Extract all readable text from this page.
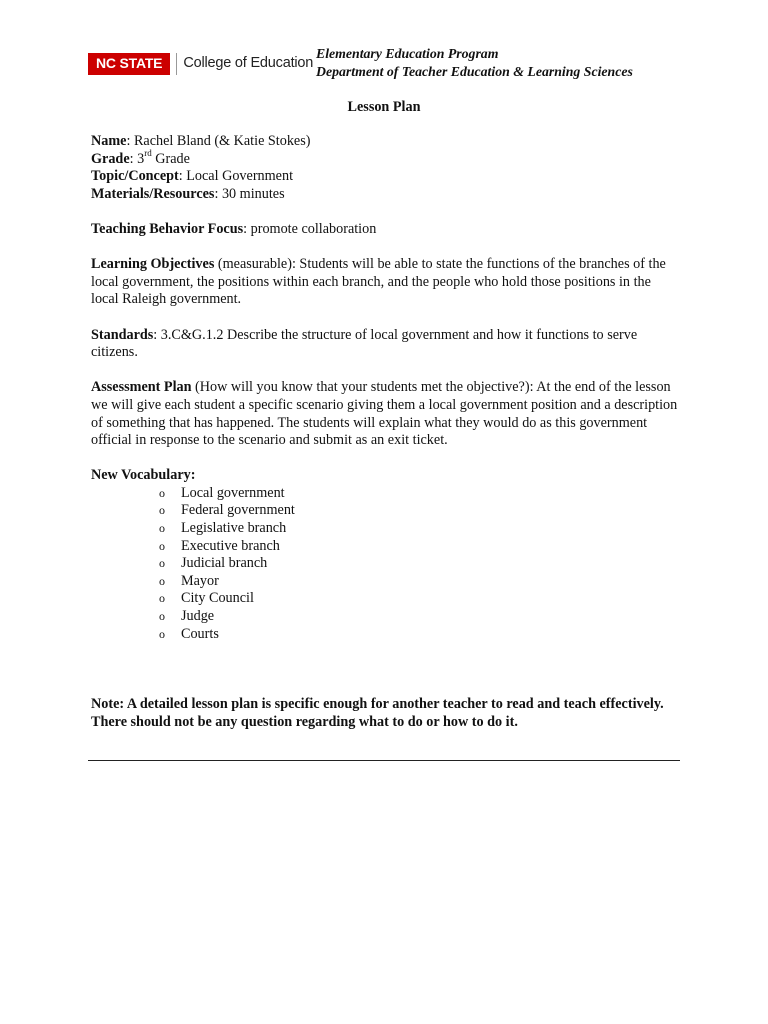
NC STATE	College of Education
Elementary Education Program
Department of Teacher Education & Learning Sciences
Lesson Plan

Name: Rachel Bland (& Katie Stokes)

Grade: 3rd Grade

Topic/Concept: Local Government

Materials/Resources: 30 minutes

Teaching Behavior Focus: promote collaboration

Learning Objectives (measurable): Students will be able to state the functions of the branches of the local government, the positions within each branch, and the people who hold those positions in the local Raleigh government.

Standards: 3.C&G.1.2 Describe the structure of local government and how it functions to serve citizens.

Assessment Plan (How will you know that your students met the objective?): At the end of the lesson we will give each student a specific scenario giving them a local government position and a description of something that has happened. The students will explain what they would do as this government official in response to the scenario and submit as an exit ticket.

New Vocabulary:

o	Local government
o	Federal government
o	Legislative branch
o	Executive branch
o	Judicial branch
o	Mayor
o	City Council
o	Judge
o	Courts

Note: A detailed lesson plan is specific enough for another teacher to read and teach effectively. There should not be any question regarding what to do or how to do it.
